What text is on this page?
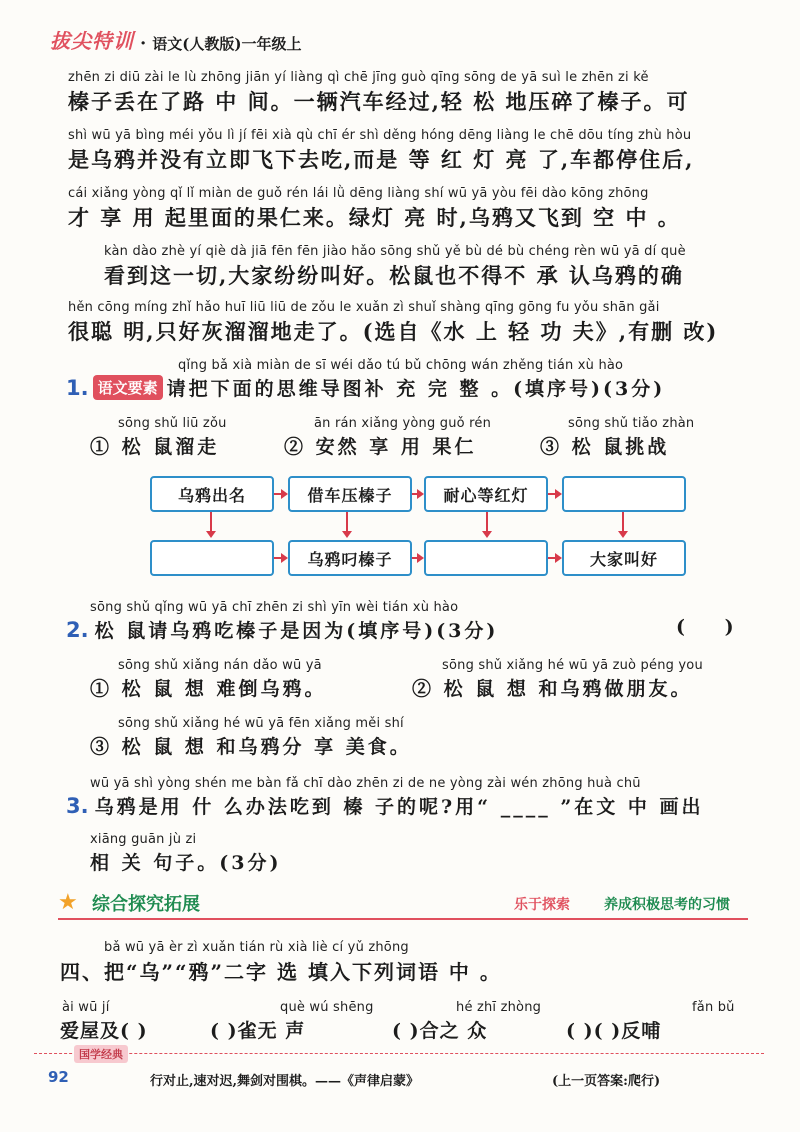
拔尖特训 · 语文(人教版)一年级上
zhēn zi diū zài le lù zhōng jiān yí liàng qì chē jīng guò qīng sōng de yā suì le zhēn zi kě
榛子丢在了路 中 间。一辆汽车经过,轻 松 地压碎了榛子。可
shì wū yā bìng méi yǒu lì jí fēi xià qù chī ér shì děng hóng dēng liàng le chē dōu tíng zhù hòu
是乌鸦并没有立即飞下去吃,而是 等 红 灯 亮 了,车都停住后,
cái xiǎng yòng qǐ lǐ miàn de guǒ rén lái lǜ dēng liàng shí wū yā yòu fēi dào kōng zhōng
才 享 用 起里面的果仁来。绿灯 亮 时,乌鸦又飞到 空 中 。
kàn dào zhè yí qiè dà jiā fēn fēn jiào hǎo sōng shǔ yě bù dé bù chéng rèn wū yā dí què
看到这一切,大家纷纷叫好。松鼠也不得不 承 认乌鸦的确
hěn cōng míng zhǐ hǎo huī liū liū de zǒu le xuǎn zì shuǐ shàng qīng gōng fu yǒu shān gǎi
很聪 明,只好灰溜溜地走了。(选自《水 上 轻 功 夫》,有删 改)
qǐng bǎ xià miàn de sī wéi dǎo tú bǔ chōng wán zhěng tián xù hào
1. 语文要素 请把下面的思维导图补 充 完 整 。(填序号)(3分)
sōng shǔ liū zǒu
① 松 鼠溜走
ān rán xiǎng yòng guǒ rén
② 安然 享 用 果仁
sōng shǔ tiǎo zhàn
③ 松 鼠挑战
乌鸦出名	借车压榛子	耐心等红灯
乌鸦叼榛子	大家叫好
sōng shǔ qǐng wū yā chī zhēn zi shì yīn wèi tián xù hào
2. 松 鼠请乌鸦吃榛子是因为(填序号)(3分)	(      )
sōng shǔ xiǎng nán dǎo wū yā
① 松 鼠 想 难倒乌鸦。
sōng shǔ xiǎng hé wū yā zuò péng you
② 松 鼠 想 和乌鸦做朋友。
sōng shǔ xiǎng hé wū yā fēn xiǎng měi shí
③ 松 鼠 想 和乌鸦分 享 美食。
wū yā shì yòng shén me bàn fǎ chī dào zhēn zi de ne yòng zài wén zhōng huà chū
3. 乌鸦是用 什 么办法吃到 榛 子的呢?用“ ____ ”在文 中 画出
xiāng guān jù zi
相 关 句子。(3分)
★ 综合探究拓展	乐于探索 养成积极思考的习惯
bǎ wū yā èr zì xuǎn tián rù xià liè cí yǔ zhōng
四、把“乌”“鸦”二字 选 填入下列词语 中 。
ài wū jí
爱屋及( )
què wú shēng
( )雀无 声
hé zhī zhòng
( )合之 众
fǎn bǔ
( )( )反哺
国学经典
92	行对止,速对迟,舞剑对围棋。——《声律启蒙》	(上一页答案:爬行)
